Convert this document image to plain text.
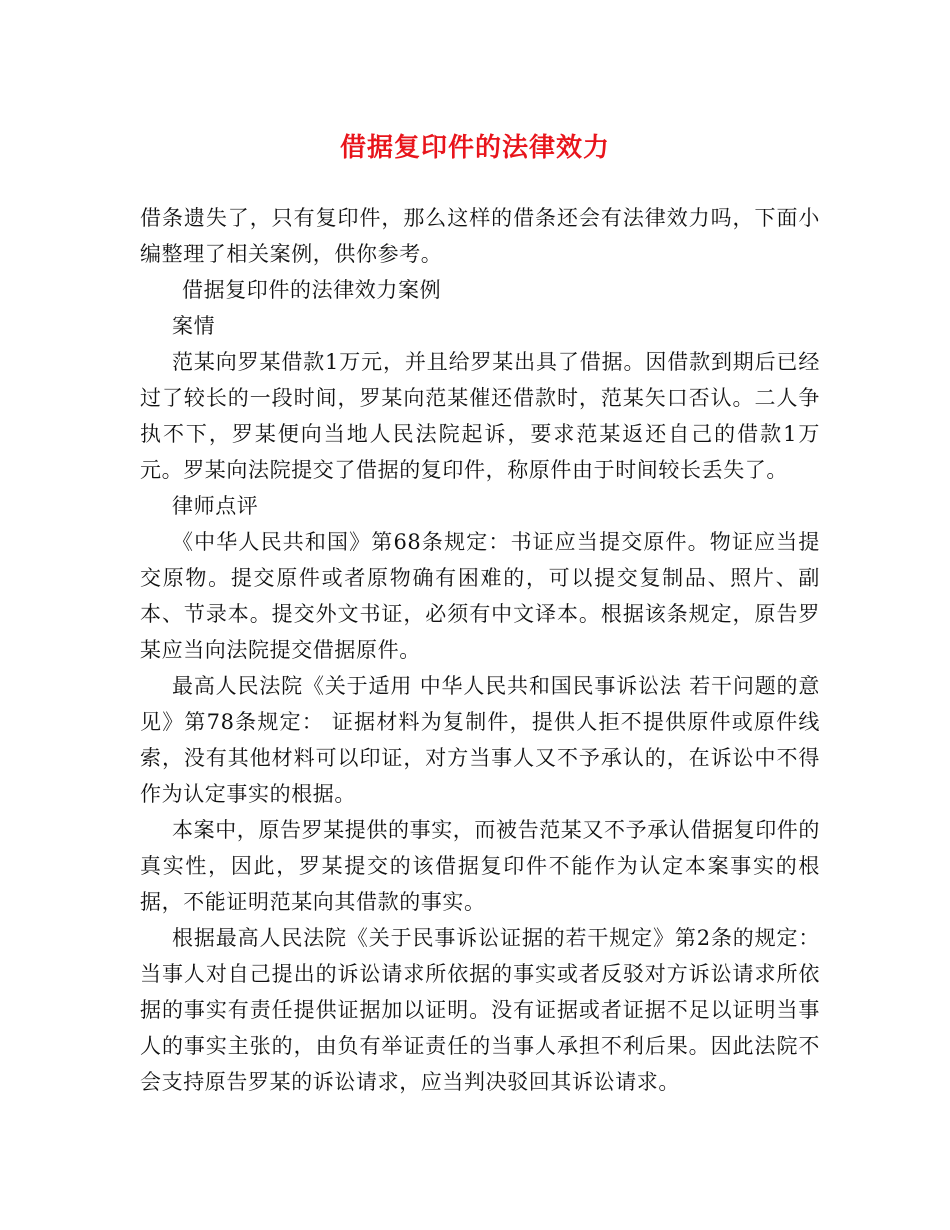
借据复印件的法律效力

借条遗失了，只有复印件，那么这样的借条还会有法律效力吗，下面小编整理了相关案例，供你参考。

借据复印件的法律效力案例

案情

范某向罗某借款1万元，并且给罗某出具了借据。因借款到期后已经过了较长的一段时间，罗某向范某催还借款时，范某矢口否认。二人争执不下，罗某便向当地人民法院起诉，要求范某返还自己的借款1万元。罗某向法院提交了借据的复印件，称原件由于时间较长丢失了。

律师点评

《中华人民共和国》第68条规定：书证应当提交原件。物证应当提交原物。提交原件或者原物确有困难的，可以提交复制品、照片、副本、节录本。提交外文书证，必须有中文译本。根据该条规定，原告罗某应当向法院提交借据原件。

最高人民法院《关于适用 中华人民共和国民事诉讼法 若干问题的意见》第78条规定： 证据材料为复制件，提供人拒不提供原件或原件线索，没有其他材料可以印证，对方当事人又不予承认的，在诉讼中不得作为认定事实的根据。

本案中，原告罗某提供的事实，而被告范某又不予承认借据复印件的真实性，因此，罗某提交的该借据复印件不能作为认定本案事实的根据，不能证明范某向其借款的事实。

根据最高人民法院《关于民事诉讼证据的若干规定》第2条的规定：当事人对自己提出的诉讼请求所依据的事实或者反驳对方诉讼请求所依据的事实有责任提供证据加以证明。没有证据或者证据不足以证明当事人的事实主张的，由负有举证责任的当事人承担不利后果。因此法院不会支持原告罗某的诉讼请求，应当判决驳回其诉讼请求。
